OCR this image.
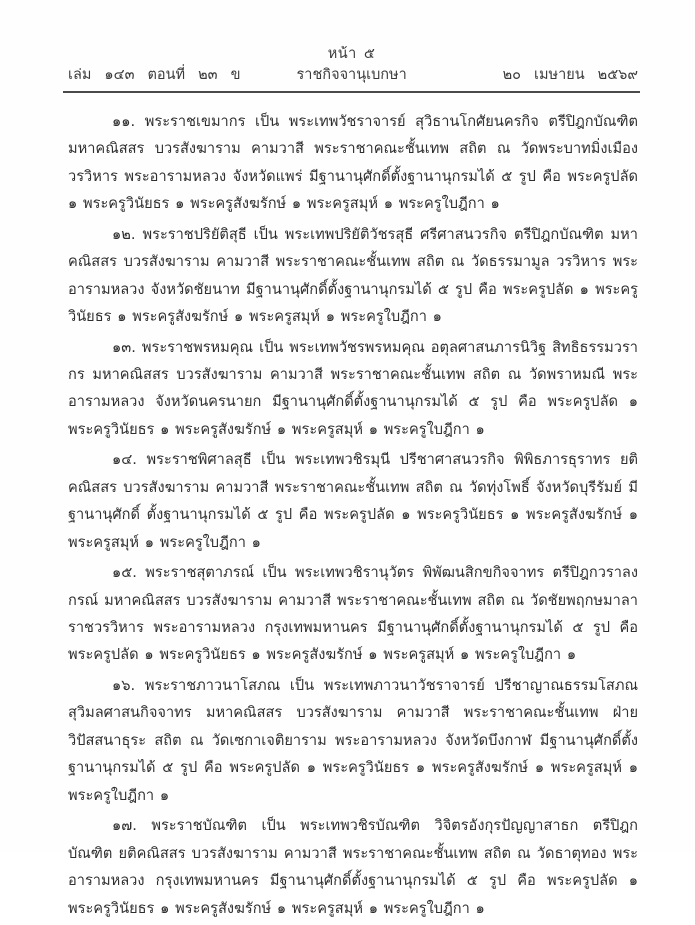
หน้า ๕
เล่ม ๑๔๓ ตอนที่ ๒๓ ข	ราชกิจจานุเบกษา	๒๐ เมษายน ๒๕๖๙

๑๑. พระราชเขมากร เป็น พระเทพวัชราจารย์ สุวิธานโกศัยนครกิจ ตรีปิฎกบัณฑิต มหาคณิสสร บวรสังฆาราม คามวาสี พระราชาคณะชั้นเทพ สถิต ณ วัดพระบาทมิ่งเมือง วรวิหาร พระอารามหลวง จังหวัดแพร่ มีฐานานุศักดิ์ตั้งฐานานุกรมได้ ๕ รูป คือ พระครูปลัด ๑ พระครูวินัยธร ๑ พระครูสังฆรักษ์ ๑ พระครูสมุห์ ๑ พระครูใบฎีกา ๑

๑๒. พระราชปริยัติสุธี เป็น พระเทพปริยัติวัชรสุธี ศรีศาสนวรกิจ ตรีปิฎกบัณฑิต มหาคณิสสร บวรสังฆาราม คามวาสี พระราชาคณะชั้นเทพ สถิต ณ วัดธรรมามูล วรวิหาร พระอารามหลวง จังหวัดชัยนาท มีฐานานุศักดิ์ตั้งฐานานุกรมได้ ๕ รูป คือ พระครูปลัด ๑ พระครูวินัยธร ๑ พระครูสังฆรักษ์ ๑ พระครูสมุห์ ๑ พระครูใบฎีกา ๑

๑๓. พระราชพรหมคุณ เป็น พระเทพวัชรพรหมคุณ อตุลศาสนภารนิวิฐ สิทธิธรรมวรากร มหาคณิสสร บวรสังฆาราม คามวาสี พระราชาคณะชั้นเทพ สถิต ณ วัดพราหมณี พระอารามหลวง จังหวัดนครนายก มีฐานานุศักดิ์ตั้งฐานานุกรมได้ ๕ รูป คือ พระครูปลัด ๑ พระครูวินัยธร ๑ พระครูสังฆรักษ์ ๑ พระครูสมุห์ ๑ พระครูใบฎีกา ๑

๑๔. พระราชพิศาลสุธี เป็น พระเทพวชิรมุนี ปรีชาศาสนวรกิจ พิพิธภารธุราทร ยติคณิสสร บวรสังฆาราม คามวาสี พระราชาคณะชั้นเทพ สถิต ณ วัดทุ่งโพธิ์ จังหวัดบุรีรัมย์ มีฐานานุศักดิ์ ตั้งฐานานุกรมได้ ๕ รูป คือ พระครูปลัด ๑ พระครูวินัยธร ๑ พระครูสังฆรักษ์ ๑ พระครูสมุห์ ๑ พระครูใบฎีกา ๑

๑๕. พระราชสุตาภรณ์ เป็น พระเทพวชิรานุวัตร พิพัฒนสิกขกิจจาทร ตรีปิฎกวราลงกรณ์ มหาคณิสสร บวรสังฆาราม คามวาสี พระราชาคณะชั้นเทพ สถิต ณ วัดชัยพฤกษมาลา ราชวรวิหาร พระอารามหลวง กรุงเทพมหานคร มีฐานานุศักดิ์ตั้งฐานานุกรมได้ ๕ รูป คือ พระครูปลัด ๑ พระครูวินัยธร ๑ พระครูสังฆรักษ์ ๑ พระครูสมุห์ ๑ พระครูใบฎีกา ๑

๑๖. พระราชภาวนาโสภณ เป็น พระเทพภาวนาวัชราจารย์ ปรีชาญาณธรรมโสภณ สุวิมลศาสนกิจจาทร มหาคณิสสร บวรสังฆาราม คามวาสี พระราชาคณะชั้นเทพ ฝ่ายวิปัสสนาธุระ สถิต ณ วัดเซกาเจติยาราม พระอารามหลวง จังหวัดบึงกาฬ มีฐานานุศักดิ์ตั้งฐานานุกรมได้ ๕ รูป คือ พระครูปลัด ๑ พระครูวินัยธร ๑ พระครูสังฆรักษ์ ๑ พระครูสมุห์ ๑ พระครูใบฎีกา ๑

๑๗. พระราชบัณฑิต เป็น พระเทพวชิรบัณฑิต วิจิตรอังกุรปัญญาสาธก ตรีปิฎกบัณฑิต ยติคณิสสร บวรสังฆาราม คามวาสี พระราชาคณะชั้นเทพ สถิต ณ วัดธาตุทอง พระอารามหลวง กรุงเทพมหานคร มีฐานานุศักดิ์ตั้งฐานานุกรมได้ ๕ รูป คือ พระครูปลัด ๑ พระครูวินัยธร ๑ พระครูสังฆรักษ์ ๑ พระครูสมุห์ ๑ พระครูใบฎีกา ๑
